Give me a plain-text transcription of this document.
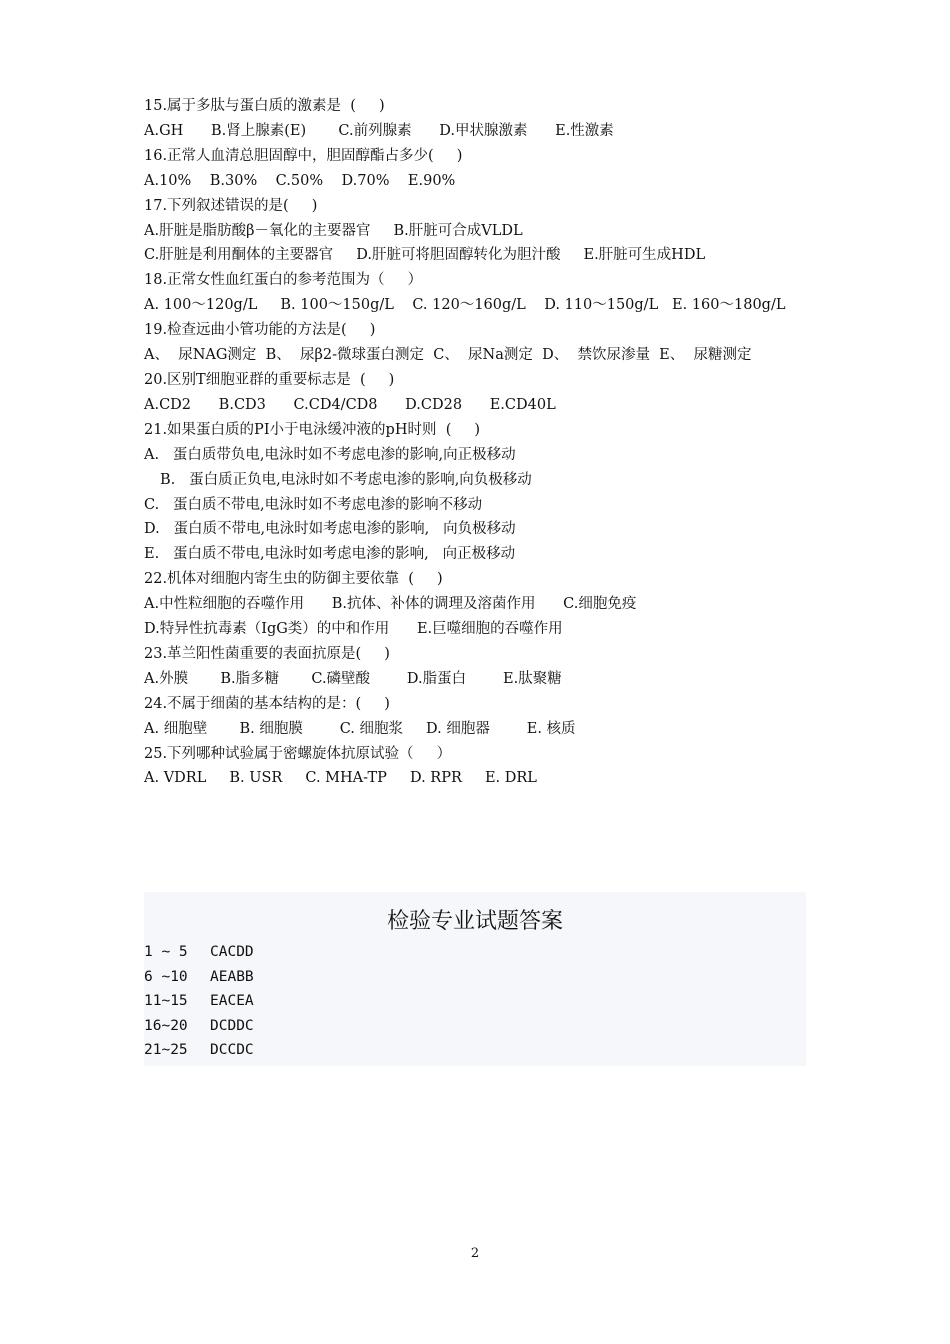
15.属于多肽与蛋白质的激素是  (     )
A.GH      B.肾上腺素(E)       C.前列腺素      D.甲状腺激素      E.性激素
16.正常人血清总胆固醇中，胆固醇酯占多少(     )
A.10%    B.30%    C.50%    D.70%    E.90%
17.下列叙述错误的是(     )
A.肝脏是脂肪酸β－氧化的主要器官     B.肝脏可合成VLDL
C.肝脏是利用酮体的主要器官     D.肝脏可将胆固醇转化为胆汁酸     E.肝脏可生成HDL
18.正常女性血红蛋白的参考范围为（     ）
A. 100～120g/L     B. 100～150g/L    C. 120～160g/L    D. 110～150g/L   E. 160～180g/L
19.检查远曲小管功能的方法是(     )
A、  尿NAG测定  B、  尿β2-微球蛋白测定  C、  尿Na测定  D、  禁饮尿渗量  E、  尿糖测定
20.区别T细胞亚群的重要标志是  (     )
A.CD2      B.CD3      C.CD4/CD8      D.CD28      E.CD40L
21.如果蛋白质的PI小于电泳缓冲液的pH时则  (     )
A.   蛋白质带负电,电泳时如不考虑电渗的影响,向正极移动
B.   蛋白质正负电,电泳时如不考虑电渗的影响,向负极移动
C.   蛋白质不带电,电泳时如不考虑电渗的影响不移动
D.   蛋白质不带电,电泳时如考虑电渗的影响,   向负极移动
E.   蛋白质不带电,电泳时如考虑电渗的影响,   向正极移动
22.机体对细胞内寄生虫的防御主要依靠  (     )
A.中性粒细胞的吞噬作用      B.抗体、补体的调理及溶菌作用      C.细胞免疫
D.特异性抗毒素（IgG类）的中和作用      E.巨噬细胞的吞噬作用
23.革兰阳性菌重要的表面抗原是(     )
A.外膜       B.脂多糖       C.磷壁酸        D.脂蛋白        E.肽聚糖
24.不属于细菌的基本结构的是：(     )
A. 细胞壁       B. 细胞膜        C. 细胞浆     D. 细胞器        E. 核质
25.下列哪种试验属于密螺旋体抗原试验（     ）
A. VDRL     B. USR     C. MHA-TP     D. RPR     E. DRL
检验专业试题答案
1 ~ 5 CACDD
6 ~10 AEABB
11~15 EACEA
16~20 DCDDC
21~25 DCCDC
2
